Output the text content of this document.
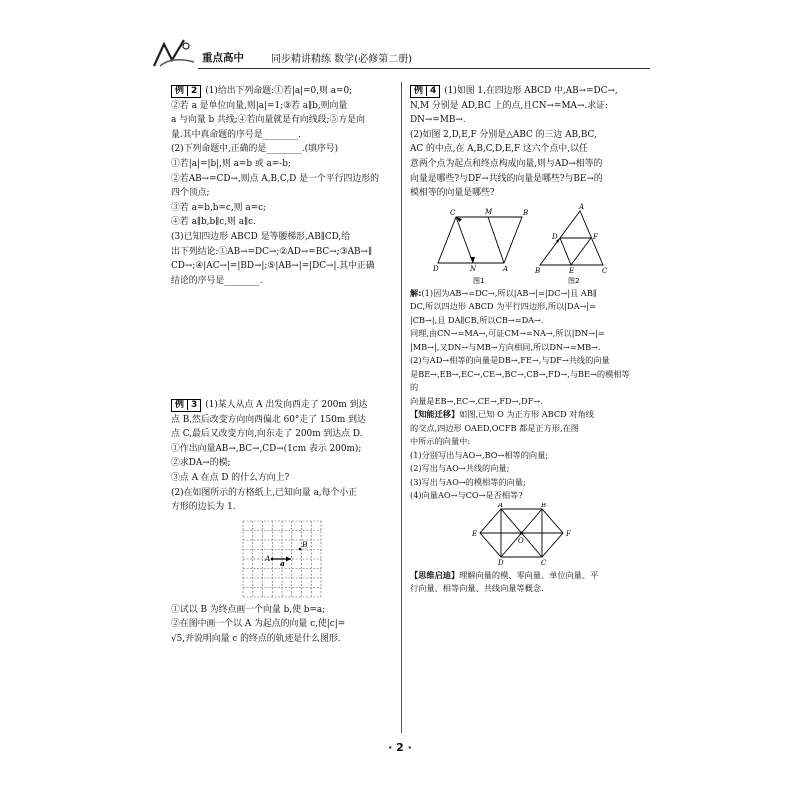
重点高中	同步精讲精练 数学(必修第二册)
例 2 (1)给出下列命题:①若|a|=0,则 a=0;
②若 a 是单位向量,则|a|=1;③若 a∥b,则向量
a 与向量 b 共线;④若向量就是有向线段;⑤方是向
量.其中真命题的序号是________.
(2)下列命题中,正确的是________.(填序号)
①若|a|=|b|,则 a=b 或 a=-b;
②若AB→=CD→,则点 A,B,C,D 是一个平行四边形的
四个顶点;
③若 a=b,b=c,则 a=c;
④若 a∥b,b∥c,则 a∥c.
(3)已知四边形 ABCD 是等腰梯形,AB∥CD,给
出下列结论:①AB→=DC→;②AD→=BC→;③AB→∥
CD→;④|AC→|=|BD→|;⑤|AB→|=|DC→|.其中正确
结论的序号是________.
例 3 (1)某人从点 A 出发向西走了 200m 到达
点 B,然后改变方向向西偏北 60°走了 150m 到达
点 C,最后又改变方向,向东走了 200m 到达点 D.
①作出向量AB→,BC→,CD→(1cm 表示 200m);
②求DA→的模;
③点 A 在点 D 的什么方向上?
(2)在如图所示的方格纸上,已知向量 a,每个小正
方形的边长为 1.
B
A
a
①试以 B 为终点画一个向量 b,使 b=a;
②在图中画一个以 A 为起点的向量 c,使|c|=
√5,并说明向量 c 的终点的轨迹是什么图形.
例 4 (1)如图 1,在四边形 ABCD 中,AB→=DC→,
N,M 分别是 AD,BC 上的点,且CN→=MA→.求证:
DN→=MB→.
(2)如图 2,D,E,F 分别是△ABC 的三边 AB,BC,
AC 的中点,在 A,B,C,D,E,F 这六个点中,以任
意两个点为起点和终点构成向量,则与AD→相等的
向量是哪些?与DF→共线的向量是哪些?与BE→的
模相等的向量是哪些?
C	M	B
D	N	A
图1
A
D	F
B	E	C
图2
解:(1)因为AB→=DC→,所以|AB→|=|DC→|且 AB∥
DC,所以四边形 ABCD 为平行四边形,所以|DA→|=
|CB→|,且 DA∥CB,所以CB→=DA→.
同理,由CN→=MA→,可证CM→=NA→,所以|DN→|=
|MB→|,又DN→与MB→方向相同,所以DN→=MB→.
(2)与AD→相等的向量是DB→,FE→,与DF→共线的向量
是BE→,EB→,EC→,CE→,BC→,CB→,FD→,与BE→的模相等的
向量是EB→,EC→,CE→,FD→,DF→.
【知能迁移】如图,已知 O 为正方形 ABCD 对角线
的交点,四边形 OAED,OCFB 都是正方形,在图
中所示的向量中:
(1)分别写出与AO→,BO→相等的向量;
(2)写出与AO→共线的向量;
(3)写出与AO→的模相等的向量;
(4)向量AO→与CO→是否相等?
A	B
E
O
F
D	C
【思维启迪】理解向量的模、零向量、单位向量、平
行向量、相等向量、共线向量等概念.
· 2 ·
